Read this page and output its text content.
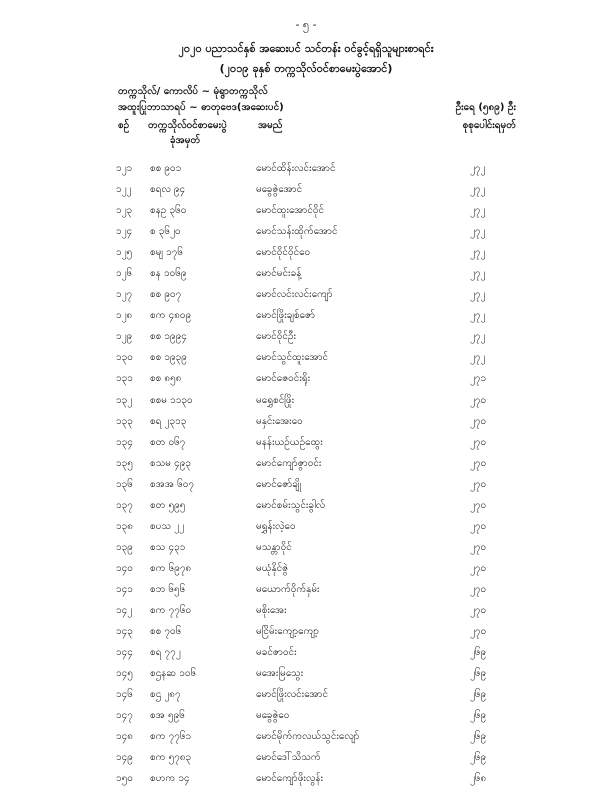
- ၅ -
၂၀၂၀ ပညာသင်နှစ် အဆေးပင် သင်တန်း ဝင်ခွင့်ရရှိသူများစာရင်း
(၂၀၁၉ ခုနှစ် တက္ကသိုလ်ဝင်စာမေးပွဲအောင်)
တက္ကသိုလ်/ ကောလိပ် ~ မုံရွာတက္ကသိုလ်
အထူးပြုဘာသာရပ် ~ ဓာတုဗေဒ(အဆေးပင်)	ဦးရေ (၅၈၉) ဦး
စဉ် တက္ကသိုလ်ဝင်စာမေးပွဲ
ခုံအမှတ်
အမည်	စုစုပေါင်းရမှတ်
၁၂၁ စစ ၉၀၁	မောင်ထိန်းလင်းအောင်	၂၇၂
၁၂၂ စရလ ၉၄	မခွေဇွဲအောင်	၂၇၂
၁၂၃ စနဥ ၃၆၀	မောင်ထူးအောင်ဝိုင်	၂၇၂
၁၂၄ စ ၃၆၂၀	မောင်သန်းထိုက်အောင်	၂၇၂
၁၂၅ စမျ ၁၇၆	မောင်ဝိုင်ဝိုင်ဝေ	၂၇၂
၁၂၆ စန ၁၀၆၉	မောင်မင်းခန့်	၂၇၂
၁၂၇ စစ ၉၀၇	မောင်လင်းလင်းကျော်	၂၇၂
၁၂၈ စက ၄၈၀၉	မောင်ဖြိုးချစ်ဇော်	၂၇၂
၁၂၉ စစ ၁၉၉၄	မောင်ဝိုင်ဦး	၂၇၂
၁၃၀ စစ ၁၉၃၉	မောင်သွင်ထူးအောင်	၂၇၂
၁၃၁ စစ ၈၅၈	မောင်ဇေဝင်းရိုး	၂၇၁
၁၃၂ စစမ ၁၁၃၀	မရွှေစင်ဖြိုး	၂၇၀
၁၃၃ စရ ၂၃၁၃	မနှင်းအေးဝေ	၂၇၀
၁၃၄ စတ ၀၆၇	မနန်းယဉ်ယဉ်ထွေး	၂၇၀
၁၃၅ စသမ ၄၉၃	မောင်ကျော်ဇွာဝင်း	၂၇၀
၁၃၆ စအအ ၆၀၇	မောင်ဇော်ချို	၂၇၀
၁၃၇ စတ ၅၉၅	မောင်စမ်းသွင်းခွါလ်	၂၇၀
၁၃၈ စပသ ၂၂	မရွှန်းလဲ့ဝေ	၂၇၀
၁၃၉ စသ ၄၃၁	မသန္တာဝိုင်	၂၇၀
၁၄၀ စက ၆၉၇၈	မယုံနိုင်ဇွဲ	၂၇၀
၁၄၁ စဘ ၆၅၆	မယောက်ဝိုက်နှမ်း	၂၇၀
၁၄၂ စက ၇၇၆၀	မစိုးအေး	၂၇၀
၁၄၃ စစ ၇၀၆	မငြိမ်းကျော့ကျော့	၂၇၀
၁၄၄ စရ ၇၇၂	မခင်ဇာဝင်း	၂၆၉
၁၄၅ စဌနဆ ၁၀၆	မအေးမြသွေး	၂၆၉
၁၄၆ စဌ ၂၈၇	မောင်ဖြိုးလင်းအောင်	၂၆၉
၁၄၇ စအ ၅၉၆	မခွေဇွဲဝေ	၂၆၉
၁၄၈ စက ၇၇၆၁	မောင်မိုက်ကလယ်သွင်းလျော်	၂၆၉
၁၄၉ စက ၅၇၈၃	မောင်ဒေါ်သိသက်	၂၆၉
၁၅၀ စဟက ၁၄	မောင်ကျော်ဖိုးလွန်း	၂၆၈
